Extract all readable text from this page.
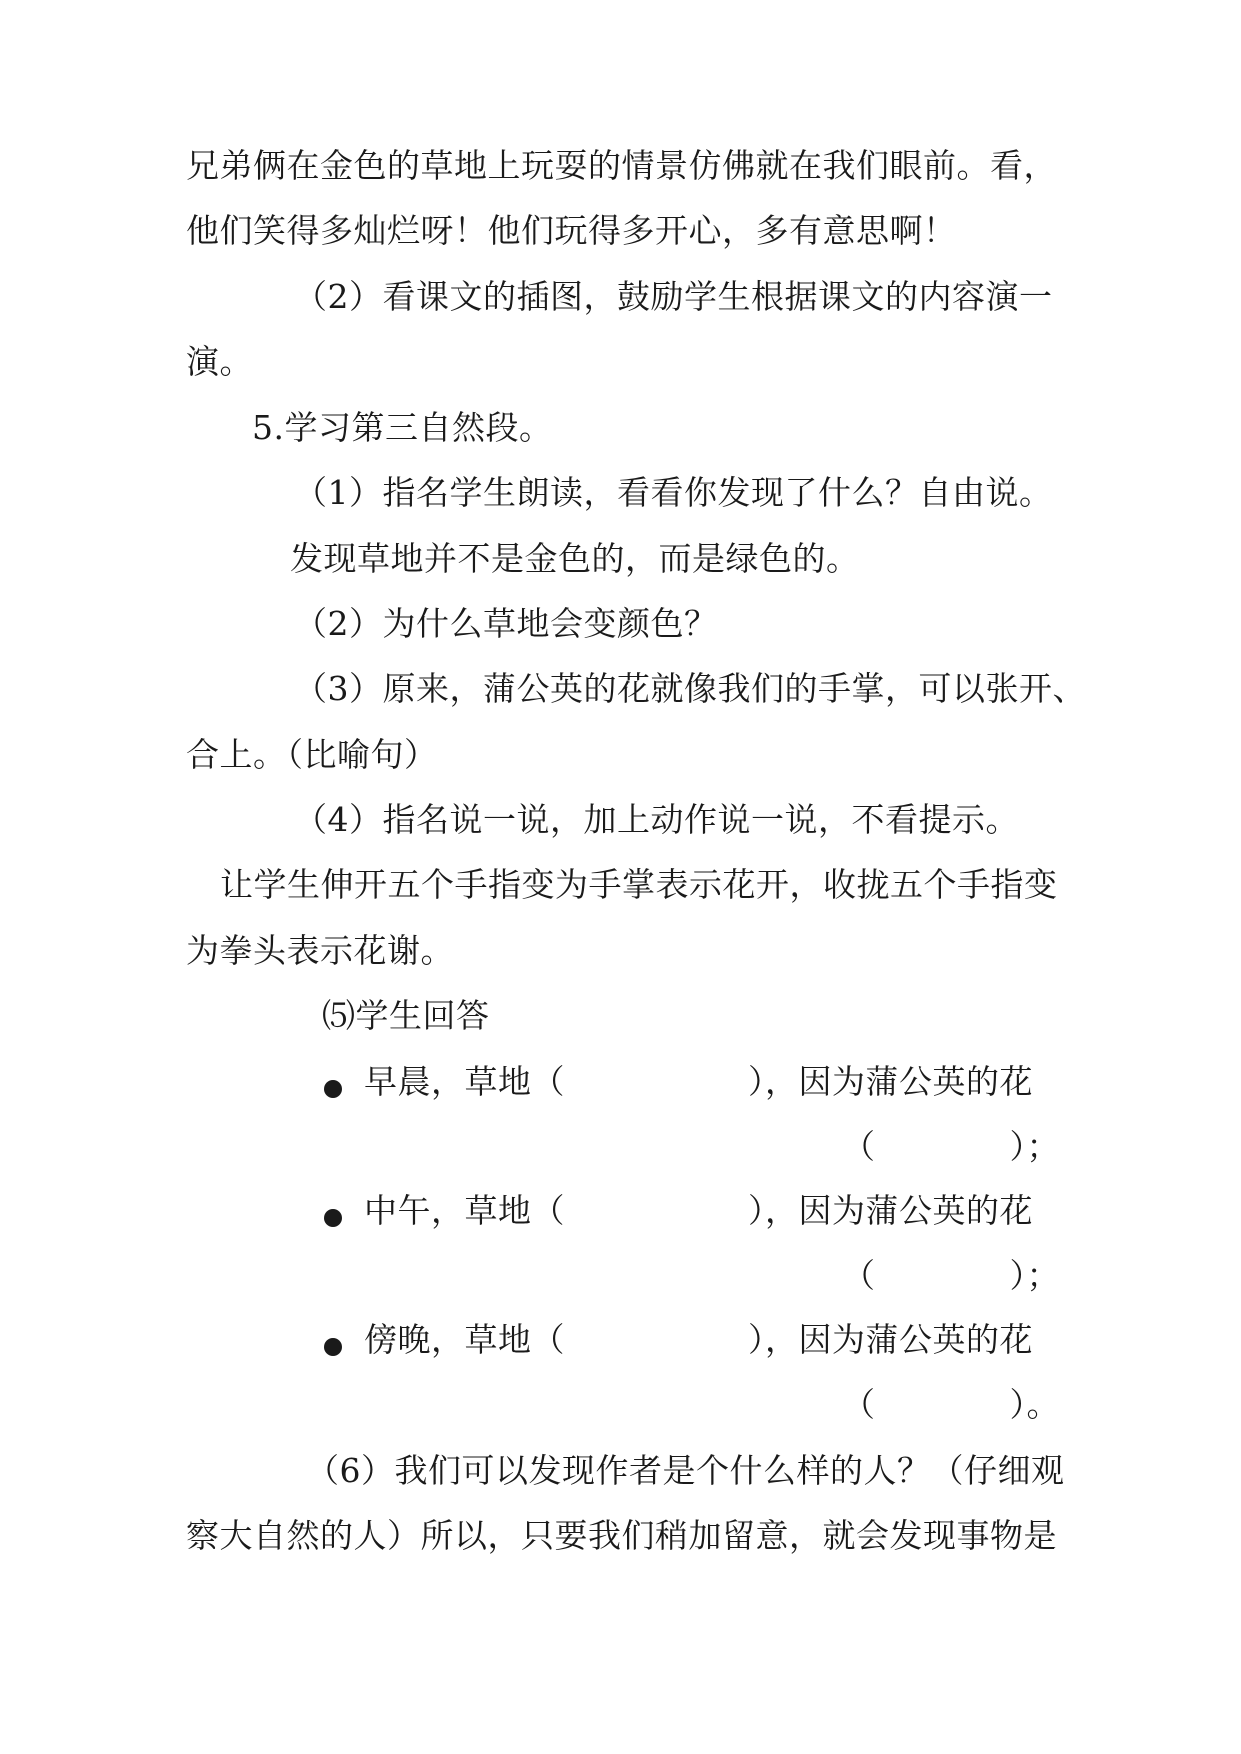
兄弟俩在金色的草地上玩耍的情景仿佛就在我们眼前。看，
他们笑得多灿烂呀！他们玩得多开心，多有意思啊！
（2）看课文的插图，鼓励学生根据课文的内容演一
演。
5.学习第三自然段。
（1）指名学生朗读，看看你发现了什么？自由说。
发现草地并不是金色的，而是绿色的。
（2）为什么草地会变颜色？
（3）原来，蒲公英的花就像我们的手掌，可以张开、
合上。（比喻句）
（4）指名说一说，加上动作说一说，不看提示。
让学生伸开五个手指变为手掌表示花开，收拢五个手指变
为拳头表示花谢。
⑸学生回答
早晨，草地（	），因为蒲公英的花
（　　　　）；
中午，草地（	），因为蒲公英的花
（　　　　）；
傍晚，草地（	），因为蒲公英的花
（　　　　）。
（6）我们可以发现作者是个什么样的人？（仔细观
察大自然的人）所以，只要我们稍加留意，就会发现事物是
